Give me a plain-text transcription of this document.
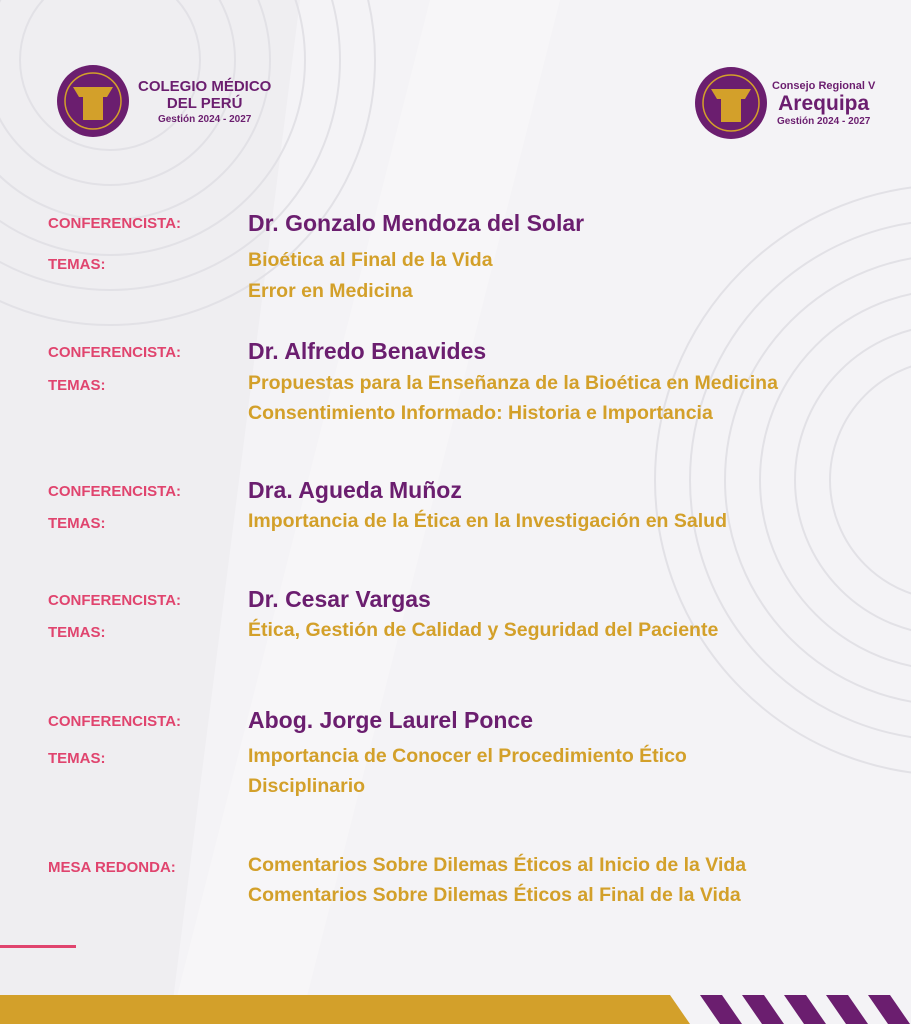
COLEGIO MÉDICO
DEL PERÚ
Gestión 2024 - 2027
Consejo Regional V
Arequipa
Gestión 2024 - 2027
CONFERENCISTA:	Dr. Gonzalo Mendoza del Solar
TEMAS:	Bioética al Final de la Vida
Error en Medicina
CONFERENCISTA:	Dr. Alfredo Benavides
TEMAS:	Propuestas para la Enseñanza de la Bioética en Medicina
Consentimiento Informado: Historia e Importancia
CONFERENCISTA:	Dra. Agueda Muñoz
TEMAS:	Importancia de la Ética en la Investigación en Salud
CONFERENCISTA:	Dr. Cesar Vargas
TEMAS:	Ética, Gestión de Calidad y Seguridad del Paciente
CONFERENCISTA:	Abog. Jorge Laurel Ponce
TEMAS:	Importancia de Conocer el Procedimiento Ético
Disciplinario
MESA REDONDA:	Comentarios Sobre Dilemas Éticos al Inicio de la Vida
Comentarios Sobre Dilemas Éticos al Final de la Vida
